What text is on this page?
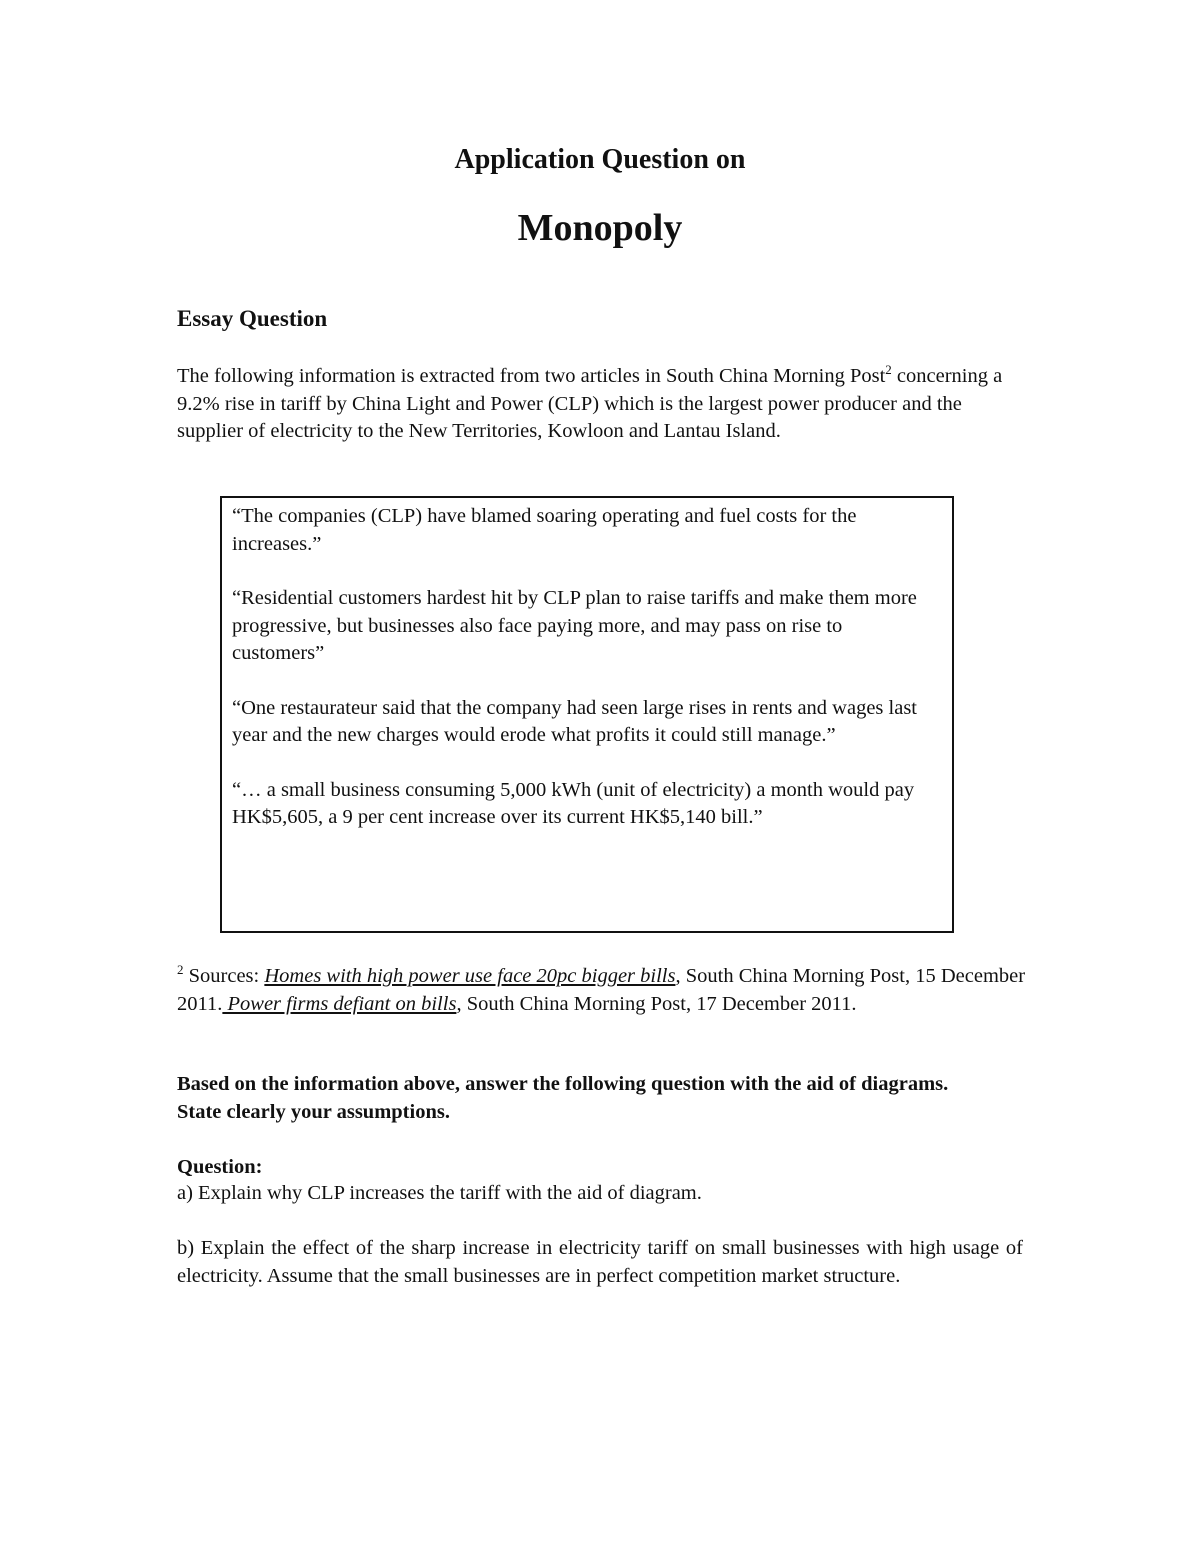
Application Question on
Monopoly
Essay Question
The following information is extracted from two articles in South China Morning Post$^2$ concerning a 9.2% rise in tariff by China Light and Power (CLP) which is the largest power producer and the supplier of electricity to the New Territories, Kowloon and Lantau Island.

“The companies (CLP) have blamed soaring operating and fuel costs for the increases.”

“Residential customers hardest hit by CLP plan to raise tariffs and make them more progressive, but businesses also face paying more, and may pass on rise to customers”

“One restaurateur said that the company had seen large rises in rents and wages last year and the new charges would erode what profits it could still manage.”

“… a small business consuming 5,000 kWh (unit of electricity) a month would pay HK$5,605, a 9 per cent increase over its current HK$5,140 bill.”

$^2$ Sources: Homes with high power use face 20pc bigger bills, South China Morning Post, 15 December 2011. Power firms defiant on bills, South China Morning Post, 17 December 2011.
Based on the information above, answer the following question with the aid of diagrams. State clearly your assumptions.
Question:
a) Explain why CLP increases the tariff with the aid of diagram.
b) Explain the effect of the sharp increase in electricity tariff on small businesses with high usage of electricity. Assume that the small businesses are in perfect competition market structure.
